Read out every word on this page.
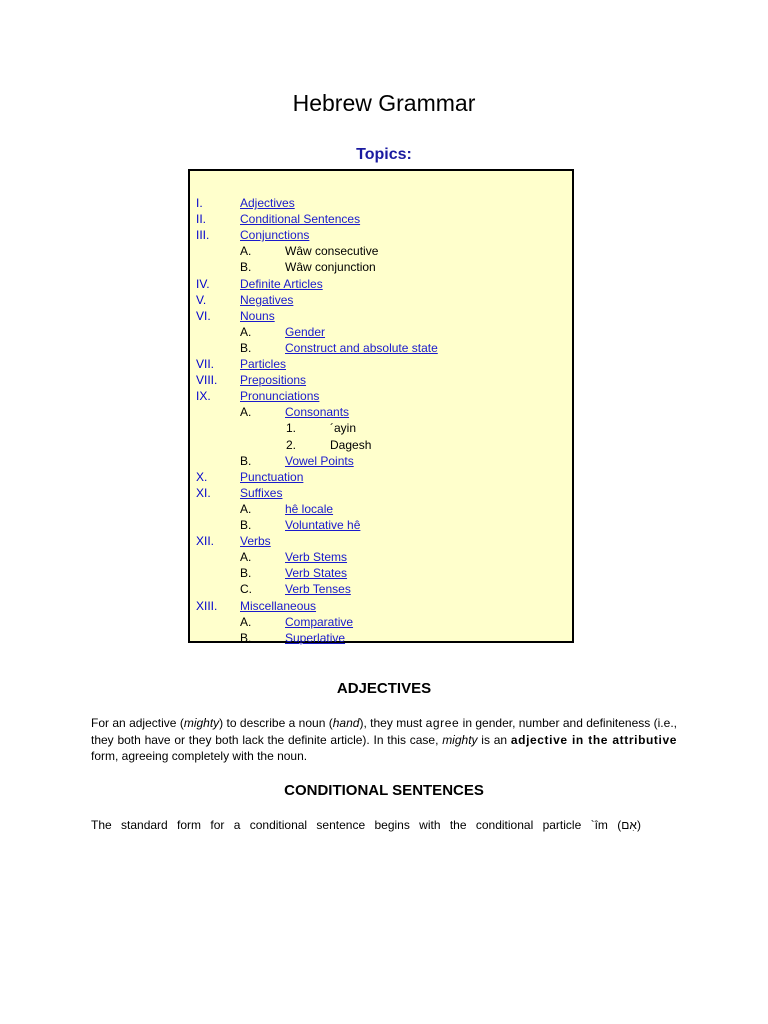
Hebrew Grammar
Topics:
I.	Adjectives
II.	Conditional Sentences
III.	Conjunctions
A.	Wâw consecutive
B.	Wâw conjunction
IV.	Definite Articles
V.	Negatives
VI. Nouns
A.	Gender
B.	Construct and absolute state
VII. Particles
VIII. Prepositions
IX. Pronunciations
A.	Consonants
1.	´ayin
2.	Dagesh
B.	Vowel Points
X.	Punctuation
XI. Suffixes
A.	hê locale
B.	Voluntative hê
XII. Verbs
A.	Verb Stems
B.	Verb States
C.	Verb Tenses
XIII. Miscellaneous
A.	Comparative
B.	Superlative
ADJECTIVES

For an adjective (mighty) to describe a noun (hand), they must agree in gender, number and definiteness (i.e., they both have or they both lack the definite article). In this case, mighty is an adjective in the attributive form, agreeing completely with the noun.

CONDITIONAL SENTENCES

The standard form for a conditional sentence begins with the conditional particle `îm (אִם)
